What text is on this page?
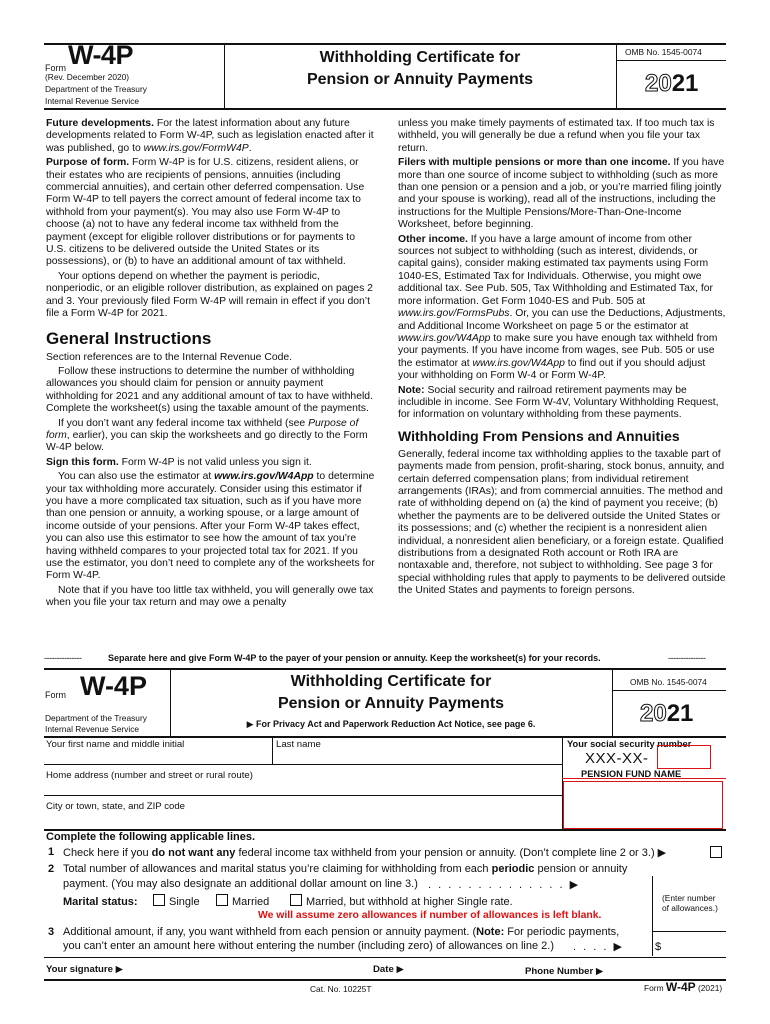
Form W-4P
(Rev. December 2020)
Department of the Treasury
Internal Revenue Service
Withholding Certificate for
Pension or Annuity Payments
OMB No. 1545-0074
2021

Future developments. For the latest information about any future developments related to Form W-4P, such as legislation enacted after it was published, go to www.irs.gov/FormW4P.

Purpose of form. Form W-4P is for U.S. citizens, resident aliens, or their estates who are recipients of pensions, annuities (including commercial annuities), and certain other deferred compensation. Use Form W-4P to tell payers the correct amount of federal income tax to withhold from your payment(s). You may also use Form W-4P to choose (a) not to have any federal income tax withheld from the payment (except for eligible rollover distributions or for payments to U.S. citizens to be delivered outside the United States or its possessions), or (b) to have an additional amount of tax withheld.

Your options depend on whether the payment is periodic, nonperiodic, or an eligible rollover distribution, as explained on pages 2 and 3. Your previously filed Form W-4P will remain in effect if you don’t file a Form W-4P for 2021.

General Instructions

Section references are to the Internal Revenue Code.

Follow these instructions to determine the number of withholding allowances you should claim for pension or annuity payment withholding for 2021 and any additional amount of tax to have withheld. Complete the worksheet(s) using the taxable amount of the payments.

If you don’t want any federal income tax withheld (see Purpose of form, earlier), you can skip the worksheets and go directly to the Form W-4P below.

Sign this form. Form W-4P is not valid unless you sign it.

You can also use the estimator at www.irs.gov/W4App to determine your tax withholding more accurately. Consider using this estimator if you have a more complicated tax situation, such as if you have more than one pension or annuity, a working spouse, or a large amount of income outside of your pensions. After your Form W-4P takes effect, you can also use this estimator to see how the amount of tax you’re having withheld compares to your projected total tax for 2021. If you use the estimator, you don’t need to complete any of the worksheets for Form W-4P.

Note that if you have too little tax withheld, you will generally owe tax when you file your tax return and may owe a penalty

unless you make timely payments of estimated tax. If too much tax is withheld, you will generally be due a refund when you file your tax return.

Filers with multiple pensions or more than one income. If you have more than one source of income subject to withholding (such as more than one pension or a pension and a job, or you’re married filing jointly and your spouse is working), read all of the instructions, including the instructions for the Multiple Pensions/More-Than-One-Income Worksheet, before beginning.

Other income. If you have a large amount of income from other sources not subject to withholding (such as interest, dividends, or capital gains), consider making estimated tax payments using Form 1040-ES, Estimated Tax for Individuals. Otherwise, you might owe additional tax. See Pub. 505, Tax Withholding and Estimated Tax, for more information. Get Form 1040-ES and Pub. 505 at www.irs.gov/FormsPubs. Or, you can use the Deductions, Adjustments, and Additional Income Worksheet on page 5 or the estimator at www.irs.gov/W4App to make sure you have enough tax withheld from your payments. If you have income from wages, see Pub. 505 or use the estimator at www.irs.gov/W4App to find out if you should adjust your withholding on Form W-4 or Form W-4P.

Note: Social security and railroad retirement payments may be includible in income. See Form W-4V, Voluntary Withholding Request, for information on voluntary withholding from these payments.

Withholding From Pensions and Annuities

Generally, federal income tax withholding applies to the taxable part of payments made from pension, profit-sharing, stock bonus, annuity, and certain deferred compensation plans; from individual retirement arrangements (IRAs); and from commercial annuities. The method and rate of withholding depend on (a) the kind of payment you receive; (b) whether the payments are to be delivered outside the United States or its possessions; and (c) whether the recipient is a nonresident alien individual, a nonresident alien beneficiary, or a foreign estate. Qualified distributions from a designated Roth account or Roth IRA are nontaxable and, therefore, not subject to withholding. See page 3 for special withholding rules that apply to payments to be delivered outside the United States and payments to foreign persons.

---------------	Separate here and give Form W-4P to the payer of your pension or annuity. Keep the worksheet(s) for your records.	---------------
Form W-4P
Department of the Treasury
Internal Revenue Service
Withholding Certificate for
Pension or Annuity Payments
▶ For Privacy Act and Paperwork Reduction Act Notice, see page 6.
OMB No. 1545-0074
2021
Your first name and middle initial	Last name	Your social security number
XXX-XX-
Home address (number and street or rural route)	PENSION FUND NAME
City or town, state, and ZIP code
Complete the following applicable lines.
1 Check here if you do not want any federal income tax withheld from your pension or annuity. (Don’t complete line 2 or 3.) ▶
2 Total number of allowances and marital status you’re claiming for withholding from each periodic pension or annuity
payment. (You may also designate an additional dollar amount on line 3.) . . . . . . . . . . . . . . ▶
Marital status:	Single	Married	Married, but withhold at higher Single rate.	(Enter number of allowances.)
We will assume zero allowances if number of allowances is left blank.
3 Additional amount, if any, you want withheld from each pension or annuity payment. (Note: For periodic payments,
you can’t enter an amount here without entering the number (including zero) of allowances on line 2.) . . . . ▶	$
Your signature ▶	Date ▶	Phone Number ▶
Cat. No. 10225T	Form W-4P (2021)
